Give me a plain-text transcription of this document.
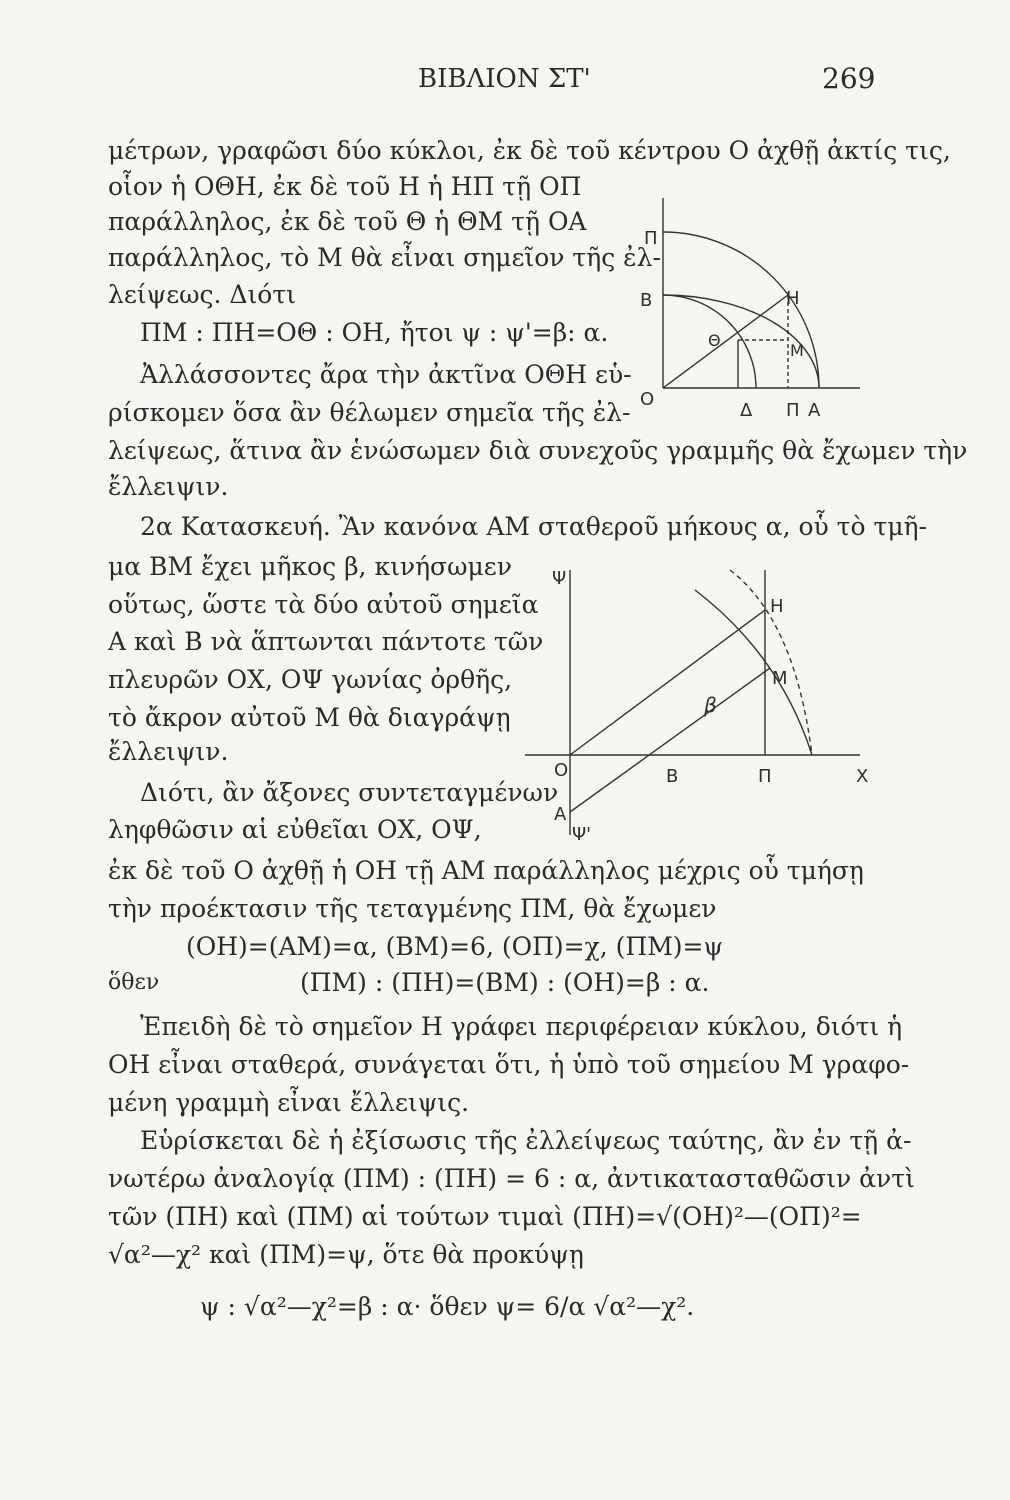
ΒΙΒΛΙΟΝ ΣΤ'	269
μέτρων, γραφῶσι δύο κύκλοι, ἐκ δὲ τοῦ κέντρου Ο ἀχθῇ ἀκτίς τις,
οἷον ἡ ΟΘΗ, ἐκ δὲ τοῦ Η ἡ ΗΠ τῇ ΟΠ
παράλληλος, ἐκ δὲ τοῦ Θ ἡ ΘΜ τῇ ΟΑ
παράλληλος, τὸ Μ θὰ εἶναι σημεῖον τῆς ἐλ-
λείψεως. Διότι
ΠΜ : ΠΗ=ΟΘ : ΟΗ, ἤτοι ψ : ψ'=β: α.
Ἀλλάσσοντες ἄρα τὴν ἀκτῖνα ΟΘΗ εὑ-
ρίσκομεν ὅσα ἂν θέλωμεν σημεῖα τῆς ἐλ-
λείψεως, ἅτινα ἂν ἑνώσωμεν διὰ συνεχοῦς γραμμῆς θὰ ἔχωμεν τὴν
ἔλλειψιν.
2α Κατασκευή. Ἂν κανόνα ΑΜ σταθεροῦ μήκους α, οὗ τὸ τμῆ-
μα ΒΜ ἔχει μῆκος β, κινήσωμεν
οὕτως, ὥστε τὰ δύο αὐτοῦ σημεῖα
Α καὶ Β νὰ ἅπτωνται πάντοτε τῶν
πλευρῶν ΟΧ, ΟΨ γωνίας ὀρθῆς,
τὸ ἄκρον αὐτοῦ Μ θὰ διαγράψῃ
ἔλλειψιν.
Διότι, ἂν ἄξονες συντεταγμένων
ληφθῶσιν αἱ εὐθεῖαι ΟΧ, ΟΨ,
ἐκ δὲ τοῦ Ο ἀχθῇ ἡ ΟΗ τῇ ΑΜ παράλληλος μέχρις οὗ τμήσῃ
τὴν προέκτασιν τῆς τεταγμένης ΠΜ, θὰ ἔχωμεν
(ΟΗ)=(ΑΜ)=α, (ΒΜ)=6, (ΟΠ)=χ, (ΠΜ)=ψ
ὅθεν	(ΠΜ) : (ΠΗ)=(ΒΜ) : (ΟΗ)=β : α.
Ἐπειδὴ δὲ τὸ σημεῖον Η γράφει περιφέρειαν κύκλου, διότι ἡ
ΟΗ εἶναι σταθερά, συνάγεται ὅτι, ἡ ὑπὸ τοῦ σημείου Μ γραφο-
μένη γραμμὴ εἶναι ἔλλειψις.
Εὑρίσκεται δὲ ἡ ἐξίσωσις τῆς ἐλλείψεως ταύτης, ἂν ἐν τῇ ἀ-
νωτέρω ἀναλογίᾳ (ΠΜ) : (ΠΗ) = 6 : α, ἀντικατασταθῶσιν ἀντὶ
τῶν (ΠΗ) καὶ (ΠΜ) αἱ τούτων τιμαὶ (ΠΗ)=√(ΟΗ)²—(ΟΠ)²=
√α²—χ² καὶ (ΠΜ)=ψ, ὅτε θὰ προκύψῃ
ψ : √α²—χ²=β : α· ὅθεν ψ= 6/α √α²—χ².
Π
Β	Η
Θ
Μ
Ο
Δ Π Α
Ψ
Η
Μ
β
Ο	Β	Π	Χ
Α
Ψ'
